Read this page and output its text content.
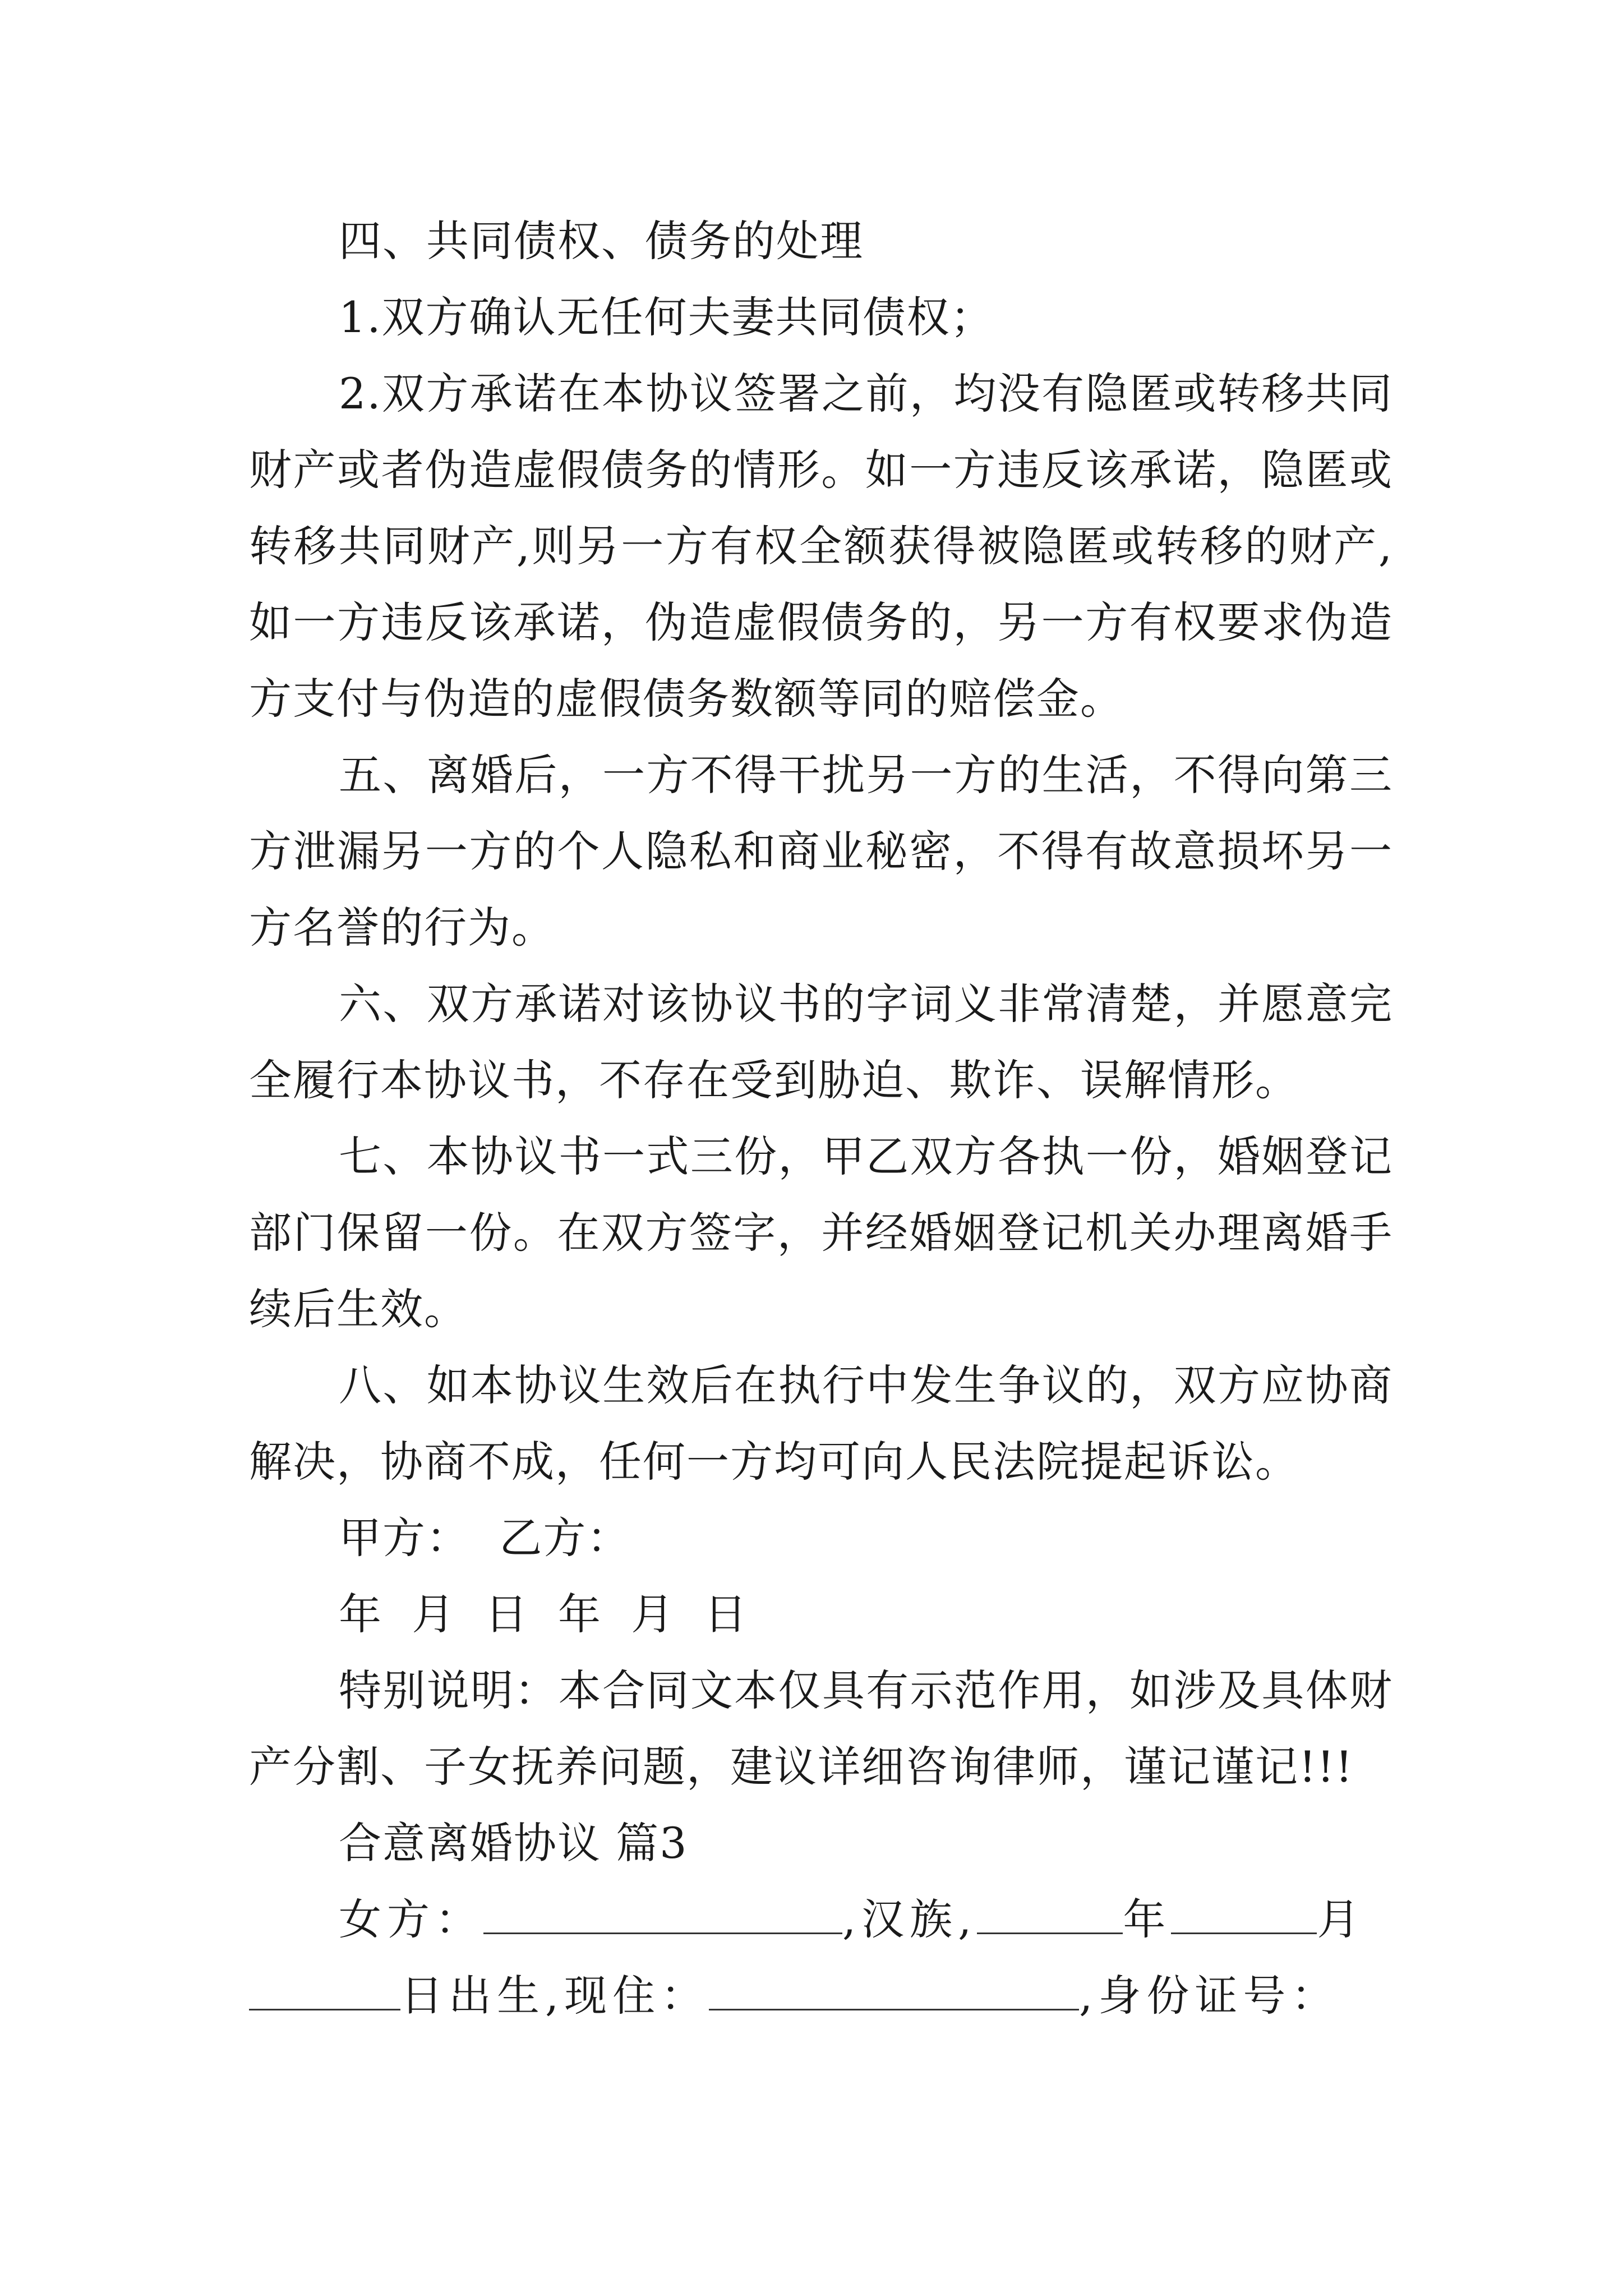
四、共同债权、债务的处理
1.双方确认无任何夫妻共同债权；
2.双方承诺在本协议签署之前，均没有隐匿或转移共同
财产或者伪造虚假债务的情形。如一方违反该承诺，隐匿或
转移共同财产,则另一方有权全额获得被隐匿或转移的财产,
如一方违反该承诺，伪造虚假债务的，另一方有权要求伪造
方支付与伪造的虚假债务数额等同的赔偿金。
五、离婚后，一方不得干扰另一方的生活，不得向第三
方泄漏另一方的个人隐私和商业秘密，不得有故意损坏另一
方名誉的行为。
六、双方承诺对该协议书的字词义非常清楚，并愿意完
全履行本协议书，不存在受到胁迫、欺诈、误解情形。
七、本协议书一式三份，甲乙双方各执一份，婚姻登记
部门保留一份。在双方签字，并经婚姻登记机关办理离婚手
续后生效。
八、如本协议生效后在执行中发生争议的，双方应协商
解决，协商不成，任何一方均可向人民法院提起诉讼。
甲方：  乙方：
年  月  日  年  月  日
特别说明：本合同文本仅具有示范作用，如涉及具体财
产分割、子女抚养问题，建议详细咨询律师，谨记谨记!!!
合意离婚协议 篇3
女方：	,汉族,	年	月
日出生,现住：	,身份证号：
